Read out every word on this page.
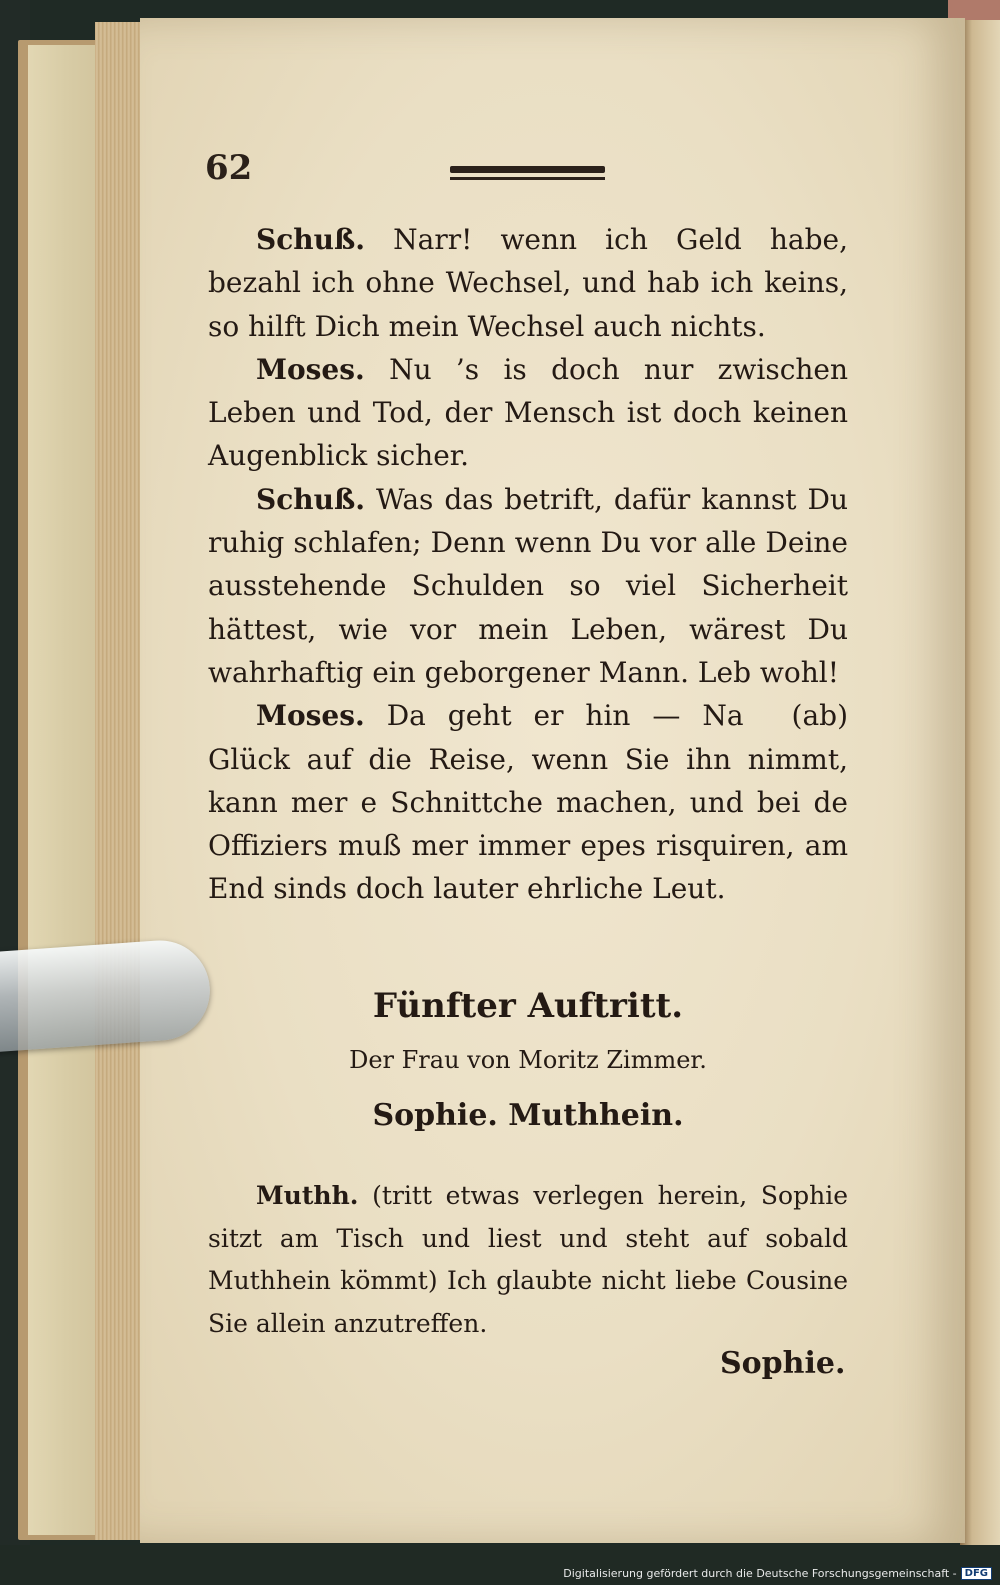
62

Schuß. Narr! wenn ich Geld habe, bezahl ich ohne Wechsel, und hab ich keins, so hilft Dich mein Wechsel auch nichts.

Moses. Nu ’s is doch nur zwischen Leben und Tod, der Mensch ist doch keinen Augenblick sicher.

Schuß. Was das betrift, dafür kannst Du ruhig schlafen; Denn wenn Du vor alle Deine ausstehende Schulden so viel Sicherheit hättest, wie vor mein Leben, wärest Du wahrhaftig ein geborgener Mann. Leb wohl!
(ab)

Moses. Da geht er hin — Na Glück auf die Reise, wenn Sie ihn nimmt, kann mer e Schnittche machen, und bei de Offiziers muß mer immer epes risquiren, am End sinds doch lauter ehrliche Leut.

Fünfter Auftritt.
Der Frau von Moritz Zimmer.
Sophie. Muthhein.

Muthh. (tritt etwas verlegen herein, Sophie sitzt am Tisch und liest und steht auf sobald Muthhein kömmt) Ich glaubte nicht liebe Cousine Sie allein anzutreffen.

Sophie.
Digitalisierung gefördert durch die Deutsche Forschungsgemeinschaft - DFG
